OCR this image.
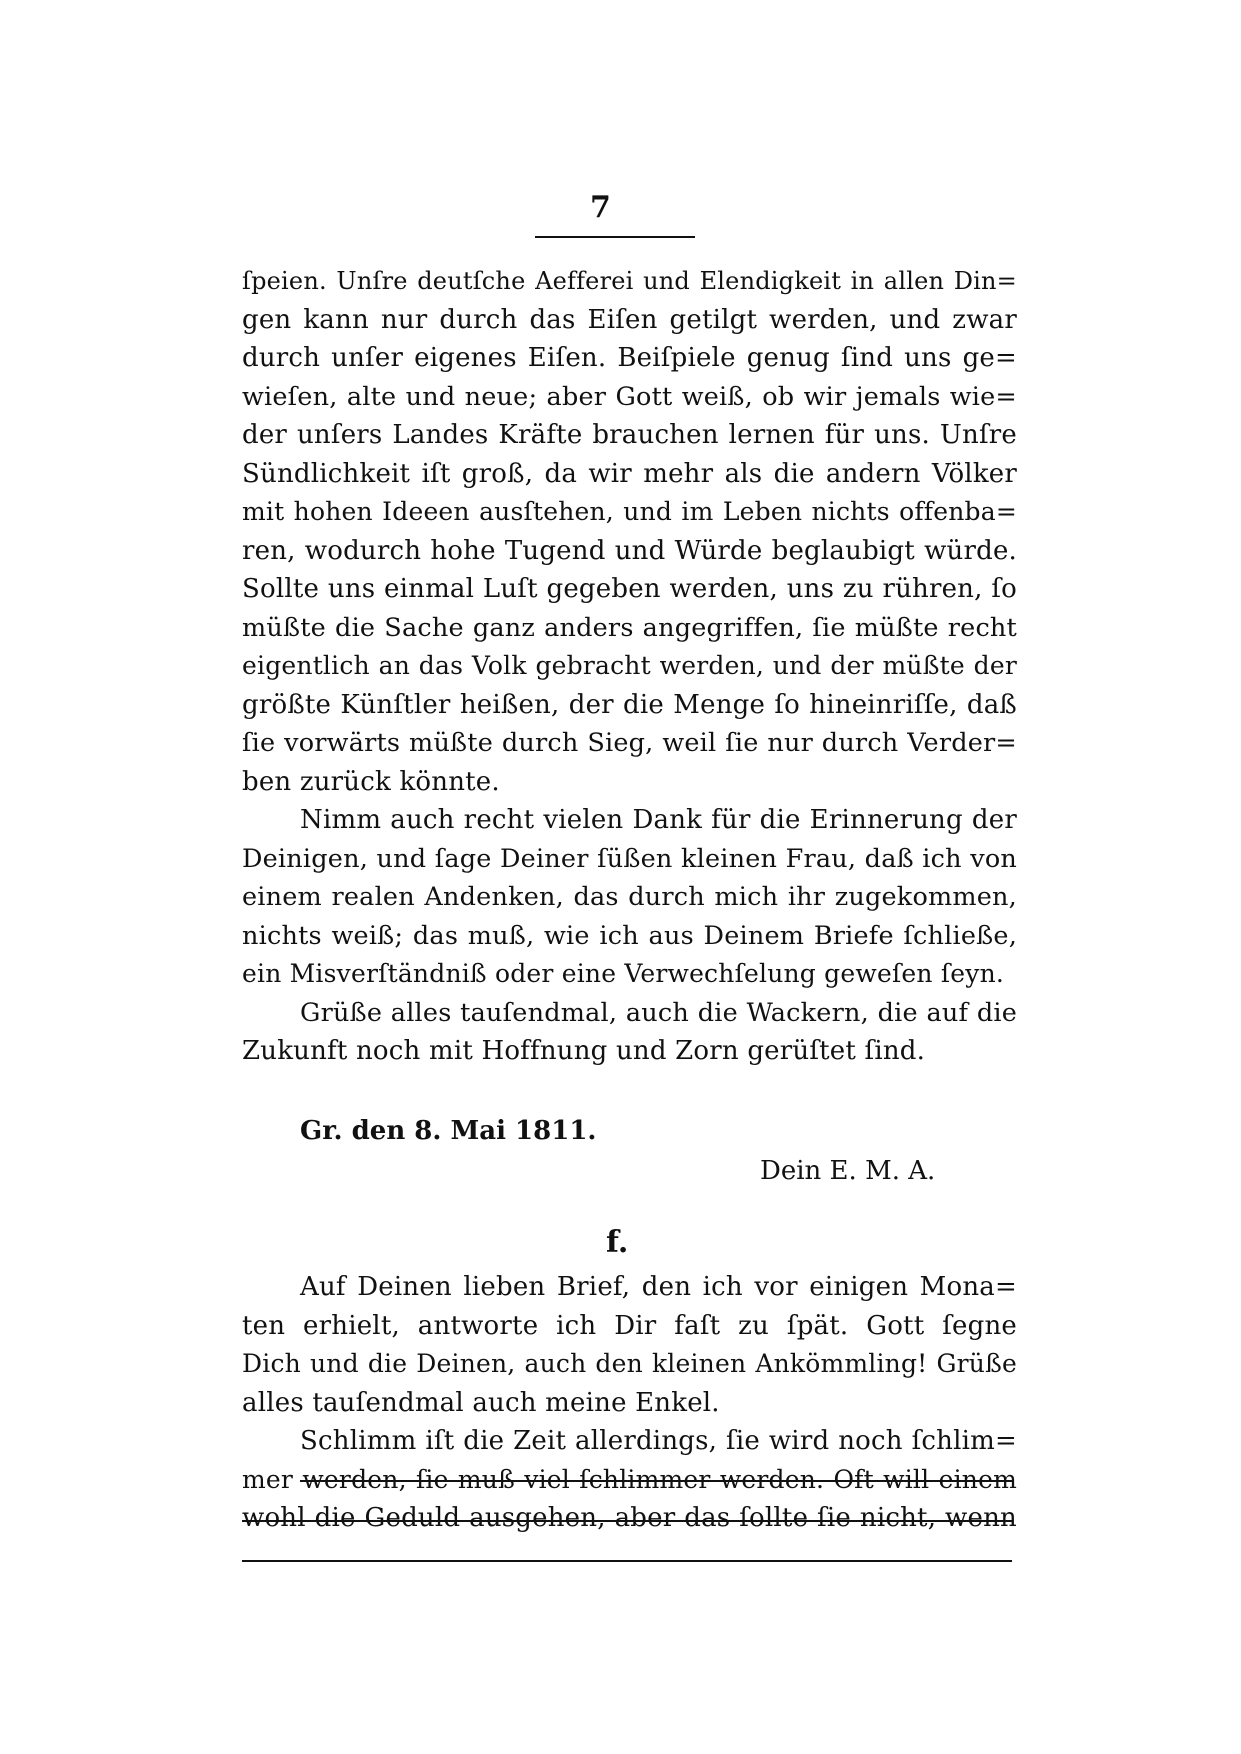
7
ſpeien. Unſre deutſche Aefferei und Elendigkeit in allen Din=
gen kann nur durch das Eiſen getilgt werden, und zwar
durch unſer eigenes Eiſen. Beiſpiele genug ſind uns ge=
wieſen, alte und neue; aber Gott weiß, ob wir jemals wie=
der unſers Landes Kräfte brauchen lernen für uns. Unſre
Sündlichkeit iſt groß, da wir mehr als die andern Völker
mit hohen Ideeen ausſtehen, und im Leben nichts offenba=
ren, wodurch hohe Tugend und Würde beglaubigt würde.
Sollte uns einmal Luſt gegeben werden, uns zu rühren, ſo
müßte die Sache ganz anders angegriffen, ſie müßte recht
eigentlich an das Volk gebracht werden, und der müßte der
größte Künſtler heißen, der die Menge ſo hineinriſſe, daß
ſie vorwärts müßte durch Sieg, weil ſie nur durch Verder=
ben zurück könnte.
Nimm auch recht vielen Dank für die Erinnerung der
Deinigen, und ſage Deiner ſüßen kleinen Frau, daß ich von
einem realen Andenken, das durch mich ihr zugekommen,
nichts weiß; das muß, wie ich aus Deinem Briefe ſchließe,
ein Misverſtändniß oder eine Verwechſelung geweſen ſeyn.
Grüße alles tauſendmal, auch die Wackern, die auf die
Zukunft noch mit Hoffnung und Zorn gerüſtet ſind.
Gr. den 8. Mai 1811.
Dein E. M. A.
f.
Auf Deinen lieben Brief, den ich vor einigen Mona=
ten erhielt, antworte ich Dir faſt zu ſpät. Gott ſegne
Dich und die Deinen, auch den kleinen Ankömmling! Grüße
alles tauſendmal auch meine Enkel.
Schlimm iſt die Zeit allerdings, ſie wird noch ſchlim=
mer werden, ſie muß viel ſchlimmer werden. Oft will einem
wohl die Geduld ausgehen, aber das ſollte ſie nicht, wenn
